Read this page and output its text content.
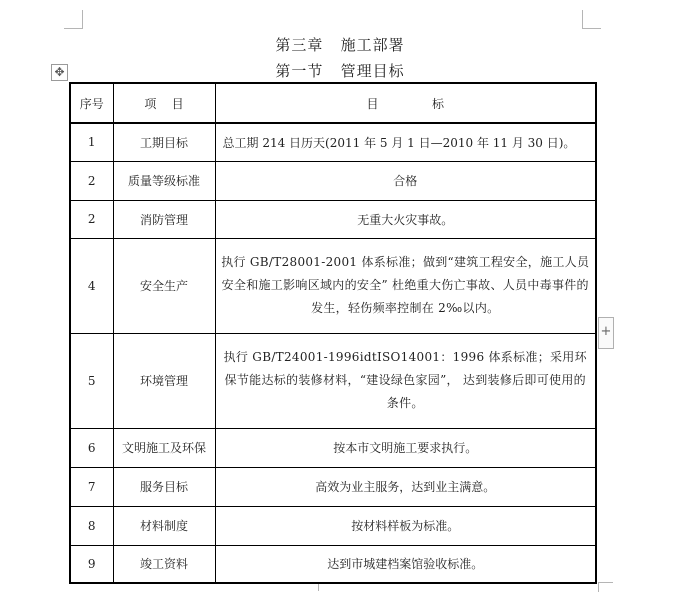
第三章   施工部署
第一节   管理目标
✥
+
序号	项    目	目              标
1	工期目标	总工期 214 日历天(2011 年 5 月 1 日—2010 年 11 月 30 日)。
2	质量等级标准	合格
2	消防管理	无重大火灾事故。
4	安全生产	执行 GB/T28001-2001 体系标准；做到“建筑工程安全，施工人员安全和施工影响区域内的安全” 杜绝重大伤亡事故、人员中毒事件的发生，轻伤频率控制在 2‰以内。
5	环境管理	执行 GB/T24001-1996idtISO14001：1996 体系标准；采用环保节能达标的装修材料，“建设绿色家园”， 达到装修后即可使用的条件。
6	文明施工及环保	按本市文明施工要求执行。
7	服务目标	高效为业主服务，达到业主满意。
8	材料制度	按材料样板为标准。
9	竣工资料	达到市城建档案馆验收标准。
